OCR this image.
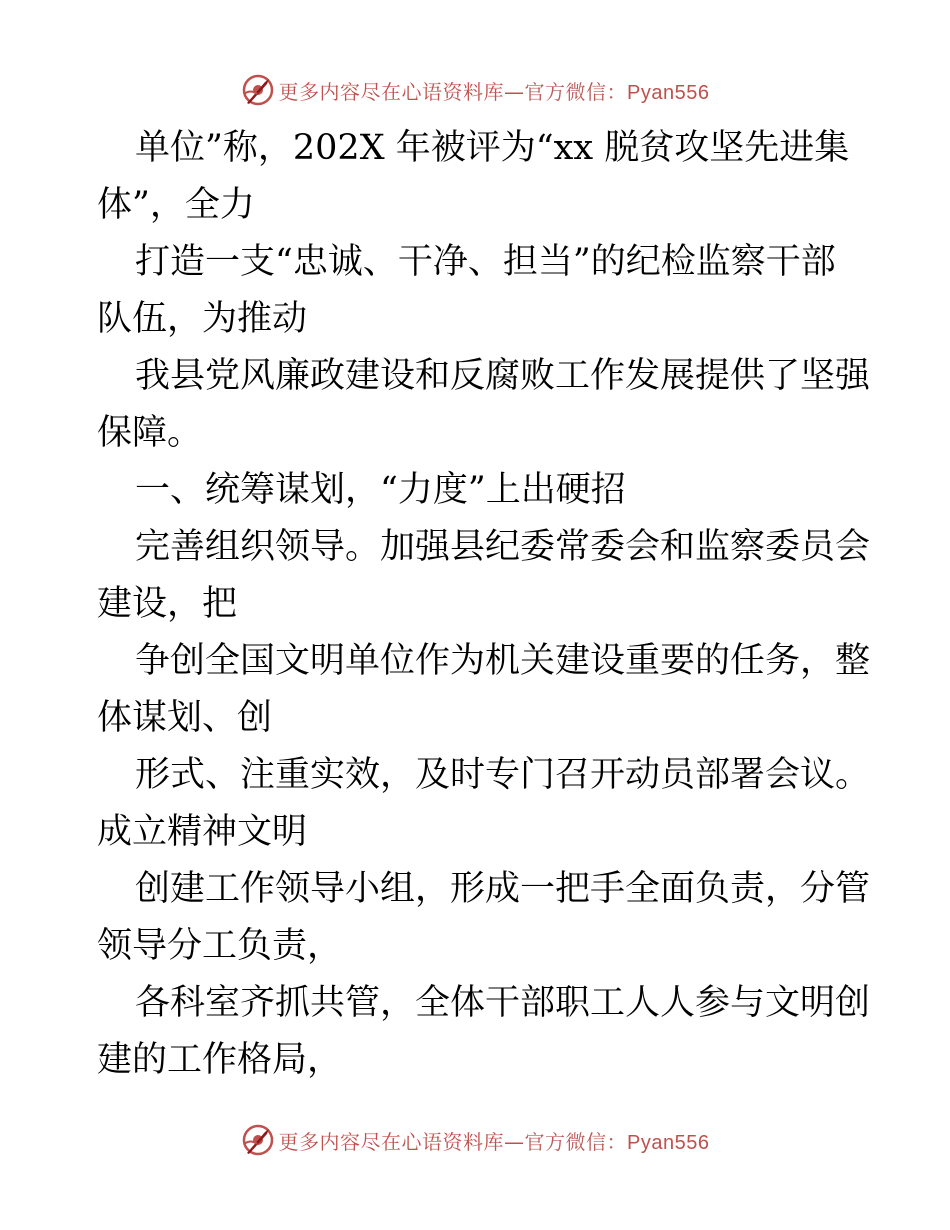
更多内容尽在心语资料库—官方微信：Pyan556
单位”称，202X 年被评为“xx 脱贫攻坚先进集
体”，全力
打造一支“忠诚、干净、担当”的纪检监察干部
队伍，为推动
我县党风廉政建设和反腐败工作发展提供了坚强
保障。
一、统筹谋划，“力度”上出硬招
完善组织领导。加强县纪委常委会和监察委员会
建设，把
争创全国文明单位作为机关建设重要的任务，整
体谋划、创
形式、注重实效，及时专门召开动员部署会议。
成立精神文明
创建工作领导小组，形成一把手全面负责，分管
领导分工负责，
各科室齐抓共管，全体干部职工人人参与文明创
建的工作格局，
更多内容尽在心语资料库—官方微信：Pyan556
